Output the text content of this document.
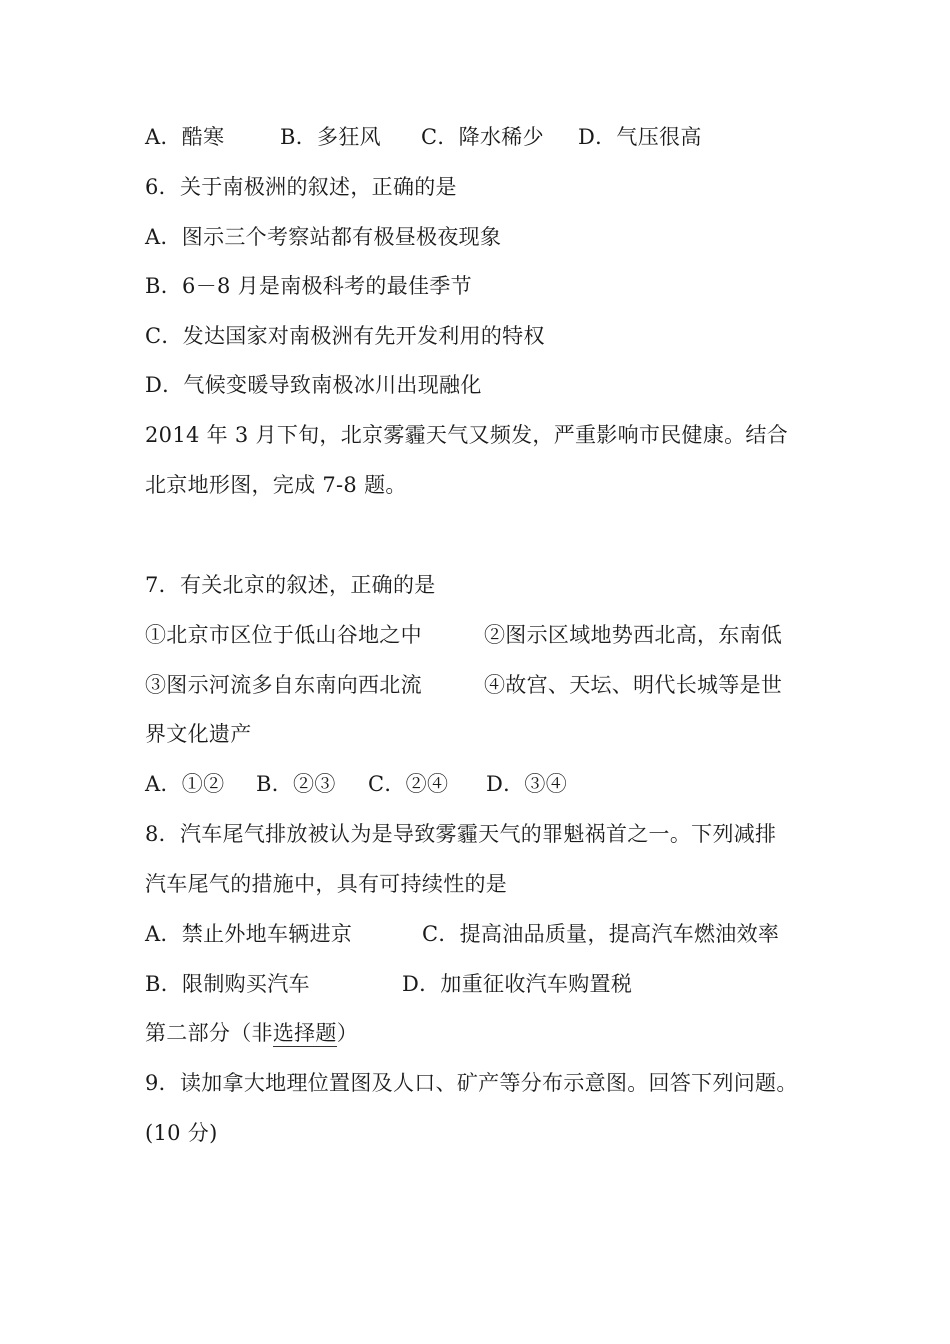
A．酷寒	B．多狂风 C．降水稀少 D．气压很高
6．关于南极洲的叙述，正确的是
A．图示三个考察站都有极昼极夜现象
B．6－8 月是南极科考的最佳季节
C．发达国家对南极洲有先开发利用的特权
D．气候变暖导致南极冰川出现融化
2014 年 3 月下旬，北京雾霾天气又频发，严重影响市民健康。结合
北京地形图，完成 7-8 题。
7．有关北京的叙述，正确的是
①北京市区位于低山谷地之中	②图示区域地势西北高，东南低
③图示河流多自东南向西北流	④故宫、天坛、明代长城等是世
界文化遗产
A．①② B．②③ C．②④ D．③④
8．汽车尾气排放被认为是导致雾霾天气的罪魁祸首之一。下列减排
汽车尾气的措施中，具有可持续性的是
A．禁止外地车辆进京	C．提高油品质量，提高汽车燃油效率
B．限制购买汽车	D．加重征收汽车购置税
第二部分（非选择题）
9．读加拿大地理位置图及人口、矿产等分布示意图。回答下列问题。
(10 分)
